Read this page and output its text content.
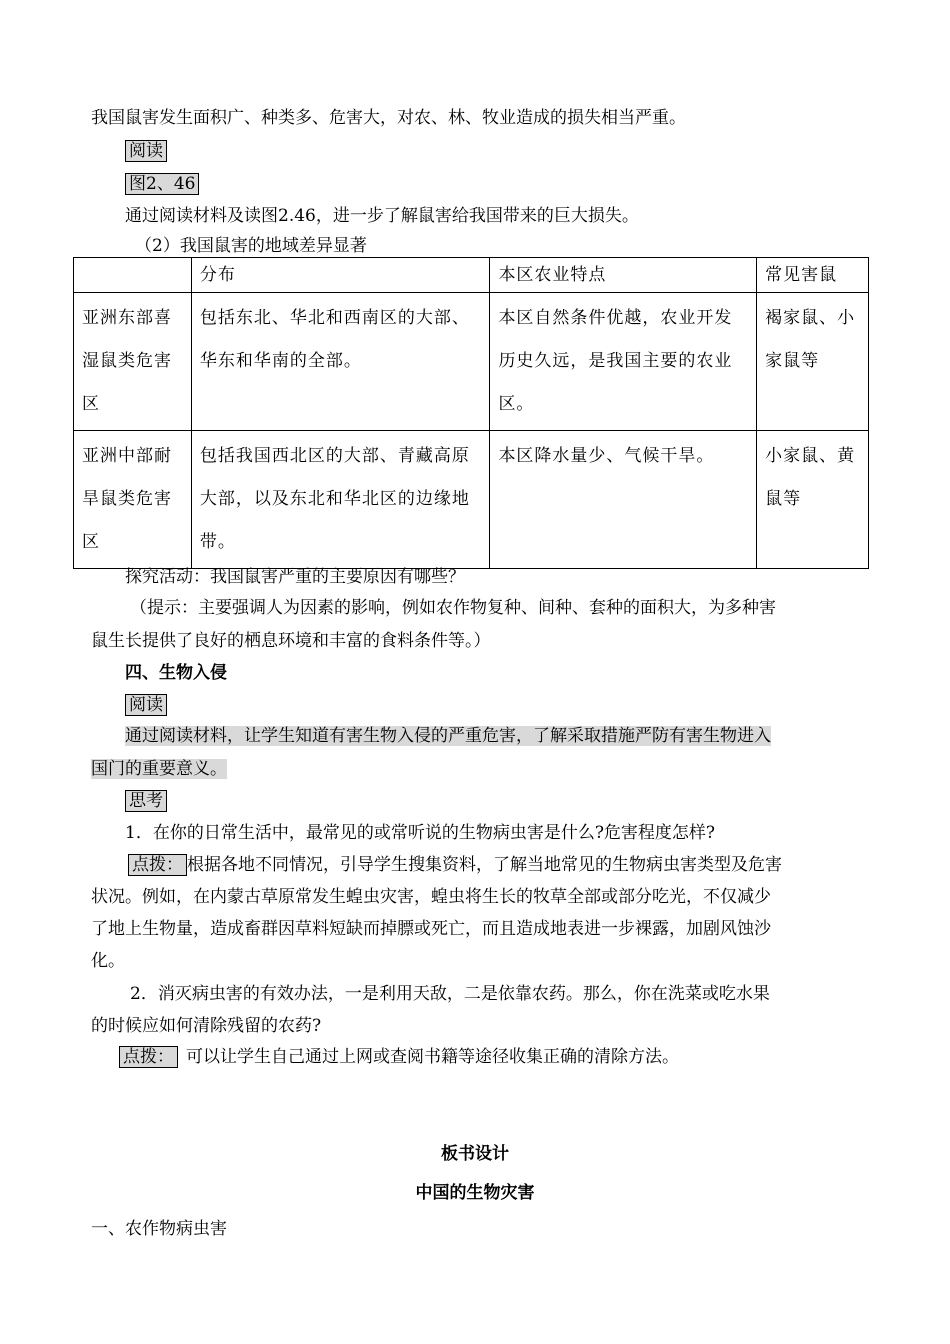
我国鼠害发生面积广、种类多、危害大，对农、林、牧业造成的损失相当严重。
阅读
图2、46
通过阅读材料及读图2.46，进一步了解鼠害给我国带来的巨大损失。
（2）我国鼠害的地域差异显著
	分布	本区农业特点	常见害鼠
亚洲东部喜湿鼠类危害区	包括东北、华北和西南区的大部、华东和华南的全部。	本区自然条件优越，农业开发历史久远，是我国主要的农业区。	褐家鼠、小家鼠等
亚洲中部耐旱鼠类危害区	包括我国西北区的大部、青藏高原大部，以及东北和华北区的边缘地带。	本区降水量少、气候干旱。	小家鼠、黄鼠等
探究活动：我国鼠害严重的主要原因有哪些？
（提示：主要强调人为因素的影响，例如农作物复种、间种、套种的面积大，为多种害
鼠生长提供了良好的栖息环境和丰富的食料条件等。）
四、生物入侵
阅读
通过阅读材料，让学生知道有害生物入侵的严重危害，了解采取措施严防有害生物进入
国门的重要意义。
思考
1．在你的日常生活中，最常见的或常听说的生物病虫害是什么?危害程度怎样?
点拨： 根据各地不同情况，引导学生搜集资料，了解当地常见的生物病虫害类型及危害
状况。例如，在内蒙古草原常发生蝗虫灾害，蝗虫将生长的牧草全部或部分吃光，不仅减少
了地上生物量，造成畜群因草料短缺而掉膘或死亡，而且造成地表进一步裸露，加剧风蚀沙
化。
2．消灭病虫害的有效办法，一是利用天敌，二是依靠农药。那么，你在洗菜或吃水果
的时候应如何清除残留的农药?
点拨： 可以让学生自己通过上网或查阅书籍等途径收集正确的清除方法。
板书设计
中国的生物灾害
一、农作物病虫害
